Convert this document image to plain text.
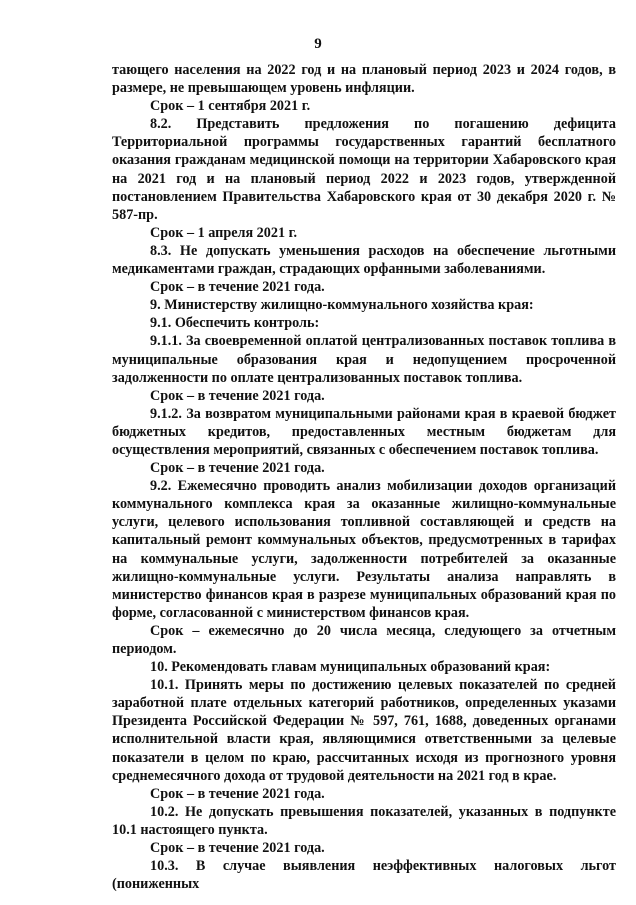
9

тающего населения на 2022 год и на плановый период 2023 и 2024 годов, в размере, не превышающем уровень инфляции.

Срок – 1 сентября 2021 г.

8.2. Представить предложения по погашению дефицита Территориальной программы государственных гарантий бесплатного оказания гражданам медицинской помощи на территории Хабаровского края на 2021 год и на плановый период 2022 и 2023 годов, утвержденной постановлением Правительства Хабаровского края от 30 декабря 2020 г. № 587-пр.

Срок – 1 апреля 2021 г.

8.3. Не допускать уменьшения расходов на обеспечение льготными медикаментами граждан, страдающих орфанными заболеваниями.

Срок – в течение 2021 года.

9. Министерству жилищно-коммунального хозяйства края:

9.1. Обеспечить контроль:

9.1.1. За своевременной оплатой централизованных поставок топлива в муниципальные образования края и недопущением просроченной задолженности по оплате централизованных поставок топлива.

Срок – в течение 2021 года.

9.1.2. За возвратом муниципальными районами края в краевой бюджет бюджетных кредитов, предоставленных местным бюджетам для осуществления мероприятий, связанных с обеспечением поставок топлива.

Срок – в течение 2021 года.

9.2. Ежемесячно проводить анализ мобилизации доходов организаций коммунального комплекса края за оказанные жилищно-коммунальные услуги, целевого использования топливной составляющей и средств на капитальный ремонт коммунальных объектов, предусмотренных в тарифах на коммунальные услуги, задолженности потребителей за оказанные жилищно-коммунальные услуги. Результаты анализа направлять в министерство финансов края в разрезе муниципальных образований края по форме, согласованной с министерством финансов края.

Срок – ежемесячно до 20 числа месяца, следующего за отчетным периодом.

10. Рекомендовать главам муниципальных образований края:

10.1. Принять меры по достижению целевых показателей по средней заработной плате отдельных категорий работников, определенных указами Президента Российской Федерации № 597, 761, 1688, доведенных органами исполнительной власти края, являющимися ответственными за целевые показатели в целом по краю, рассчитанных исходя из прогнозного уровня среднемесячного дохода от трудовой деятельности на 2021 год в крае.

Срок – в течение 2021 года.

10.2. Не допускать превышения показателей, указанных в подпункте 10.1 настоящего пункта.

Срок – в течение 2021 года.

10.3. В случае выявления неэффективных налоговых льгот (пониженных
